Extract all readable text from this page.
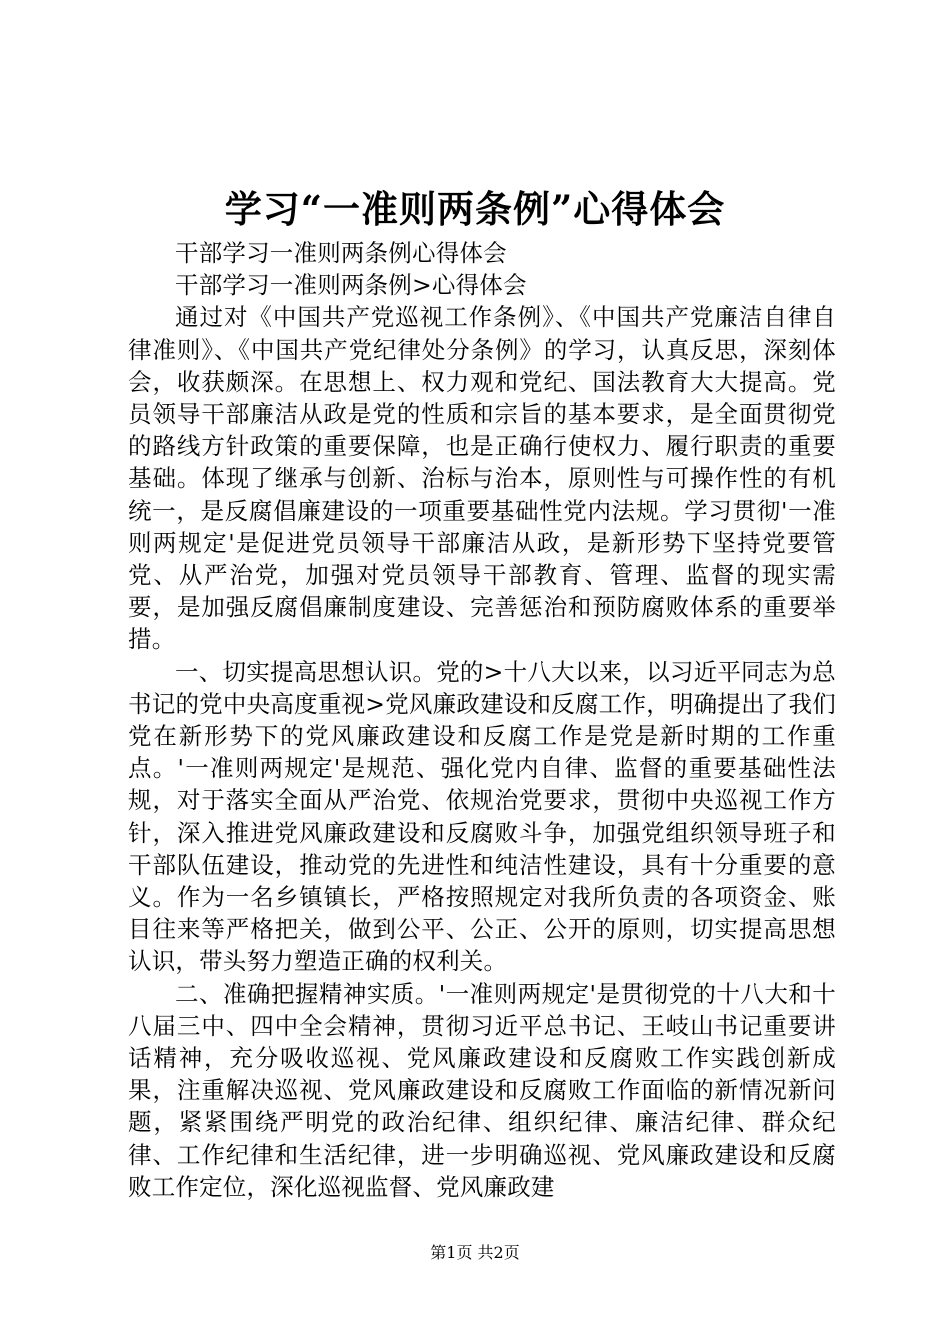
学习“一准则两条例”心得体会

干部学习一准则两条例心得体会

干部学习一准则两条例>心得体会

通过对《中国共产党巡视工作条例》、《中国共产党廉洁自律自律准则》、《中国共产党纪律处分条例》的学习，认真反思，深刻体会，收获颇深。在思想上、权力观和党纪、国法教育大大提高。党员领导干部廉洁从政是党的性质和宗旨的基本要求，是全面贯彻党的路线方针政策的重要保障，也是正确行使权力、履行职责的重要基础。体现了继承与创新、治标与治本，原则性与可操作性的有机统一，是反腐倡廉建设的一项重要基础性党内法规。学习贯彻'一准则两规定'是促进党员领导干部廉洁从政，是新形势下坚持党要管党、从严治党，加强对党员领导干部教育、管理、监督的现实需要，是加强反腐倡廉制度建设、完善惩治和预防腐败体系的重要举措。

一、切实提高思想认识。党的>十八大以来，以习近平同志为总书记的党中央高度重视>党风廉政建设和反腐工作，明确提出了我们党在新形势下的党风廉政建设和反腐工作是党是新时期的工作重点。'一准则两规定'是规范、强化党内自律、监督的重要基础性法规，对于落实全面从严治党、依规治党要求，贯彻中央巡视工作方针，深入推进党风廉政建设和反腐败斗争，加强党组织领导班子和干部队伍建设，推动党的先进性和纯洁性建设，具有十分重要的意义。作为一名乡镇镇长，严格按照规定对我所负责的各项资金、账目往来等严格把关，做到公平、公正、公开的原则，切实提高思想认识，带头努力塑造正确的权利关。

二、准确把握精神实质。'一准则两规定'是贯彻党的十八大和十八届三中、四中全会精神，贯彻习近平总书记、王岐山书记重要讲话精神，充分吸收巡视、党风廉政建设和反腐败工作实践创新成果，注重解决巡视、党风廉政建设和反腐败工作面临的新情况新问题，紧紧围绕严明党的政治纪律、组织纪律、廉洁纪律、群众纪律、工作纪律和生活纪律，进一步明确巡视、党风廉政建设和反腐败工作定位，深化巡视监督、党风廉政建

第1页 共2页
